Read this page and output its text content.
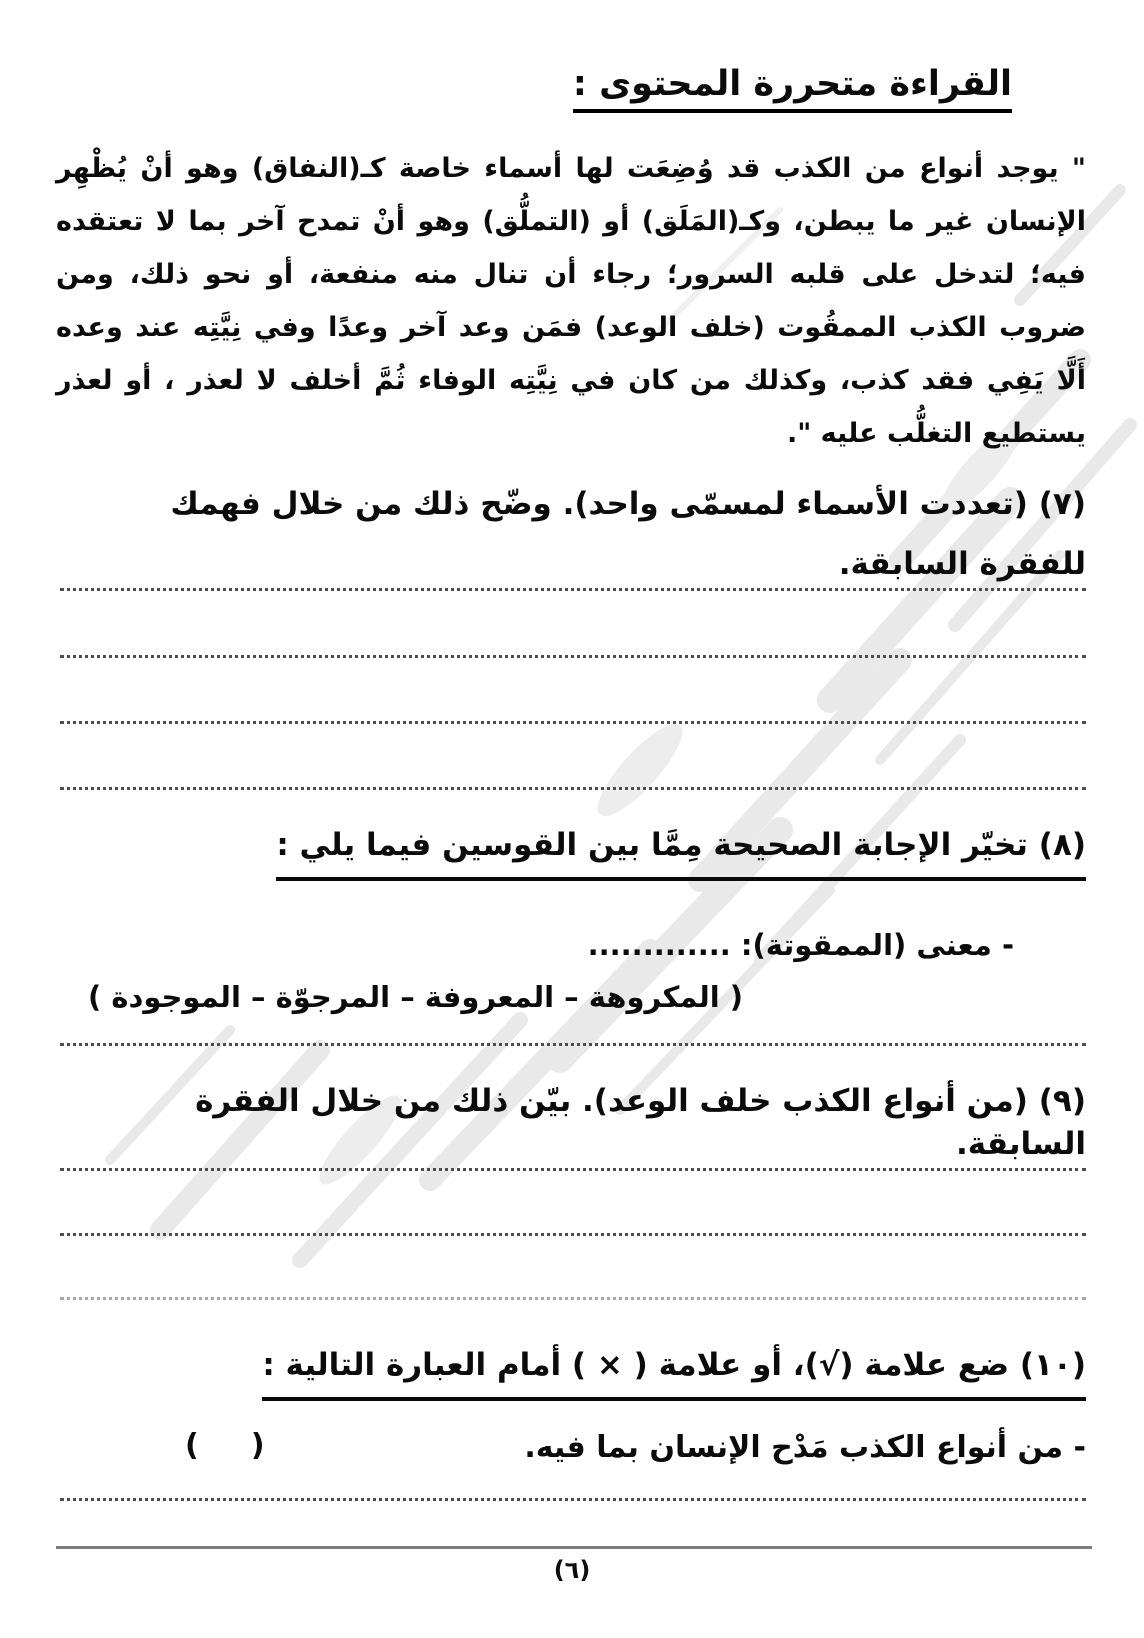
القراءة متحررة المحتوى :
" يوجد أنواع من الكذب قد وُضِعَت لها أسماء خاصة كـ(النفاق) وهو أنْ يُظْهِر الإنسان غير ما يبطن، وكـ(المَلَق) أو (التملُّق) وهو أنْ تمدح آخر بما لا تعتقده فيه؛ لتدخل على قلبه السرور؛ رجاء أن تنال منه منفعة، أو نحو ذلك، ومن ضروب الكذب الممقُوت (خلف الوعد) فمَن وعد آخر وعدًا وفي نِيَّتِه عند وعده أَلَّا يَفِي فقد كذب، وكذلك من كان في نِيَّتِه الوفاء ثُمَّ أخلف لا لعذر ، أو لعذر يستطيع التغلُّب عليه ".
(٧) (تعددت الأسماء لمسمّى واحد). وضّح ذلك من خلال فهمك للفقرة السابقة.
(٨) تخيّر الإجابة الصحيحة مِمَّا بين القوسين فيما يلي :
- معنى (الممقوتة): .............
( المكروهة – المعروفة – المرجوّة – الموجودة )
(٩) (من أنواع الكذب خلف الوعد). بيّن ذلك من خلال الفقرة السابقة.
(١٠) ضع علامة (√)، أو علامة ( × ) أمام العبارة التالية :
- من أنواع الكذب مَدْح الإنسان بما فيه.
(     )
(٦)
